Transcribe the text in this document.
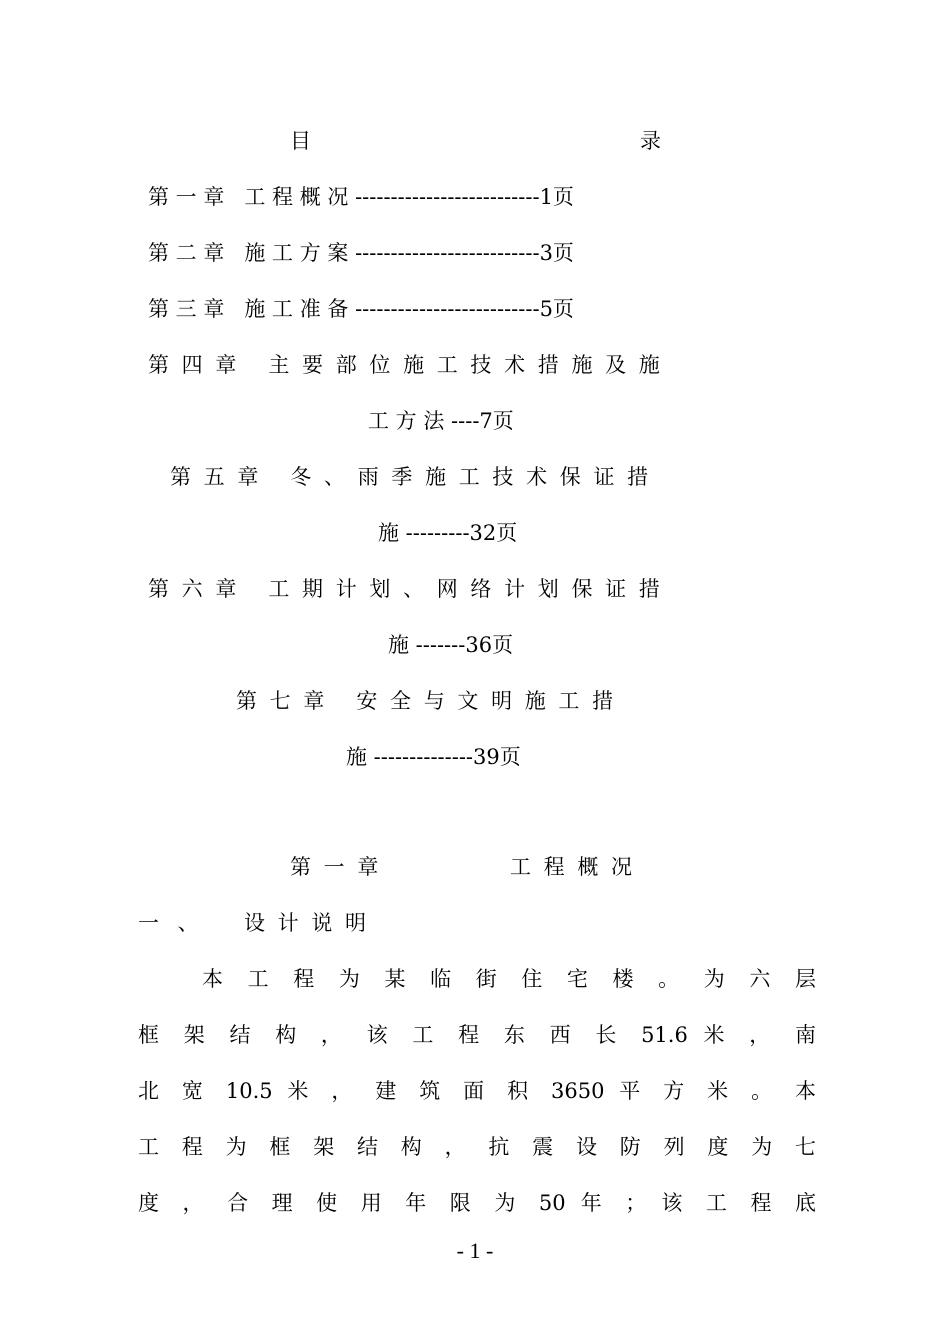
目	录
第 一 章   工 程 概 况 --------------------------1页
第 二 章   施 工 方 案 --------------------------3页
第 三 章   施 工 准 备 --------------------------5页
第 四 章   主 要 部 位 施 工 技 术 措 施 及 施
工 方 法 ----7页
第 五 章   冬 、 雨 季 施 工 技 术 保 证 措
施 ---------32页
第 六 章   工 期 计 划 、 网 络 计 划 保 证 措
施 -------36页
第 七 章   安 全 与 文 明 施 工 措
施 --------------39页
第 一 章	工 程 概 况
一 、 设 计 说 明
本 工 程 为 某 临 街 住 宅 楼 。 为 六 层
框 架 结 构 ， 该 工 程 东 西 长 51.6 米 ， 南
北 宽 10.5 米 ， 建 筑 面 积 3650 平 方 米 。 本
工 程 为 框 架 结 构 ， 抗 震 设 防 列 度 为 七
度 ， 合 理 使 用 年 限 为 50 年 ； 该 工 程 底
- 1 -
